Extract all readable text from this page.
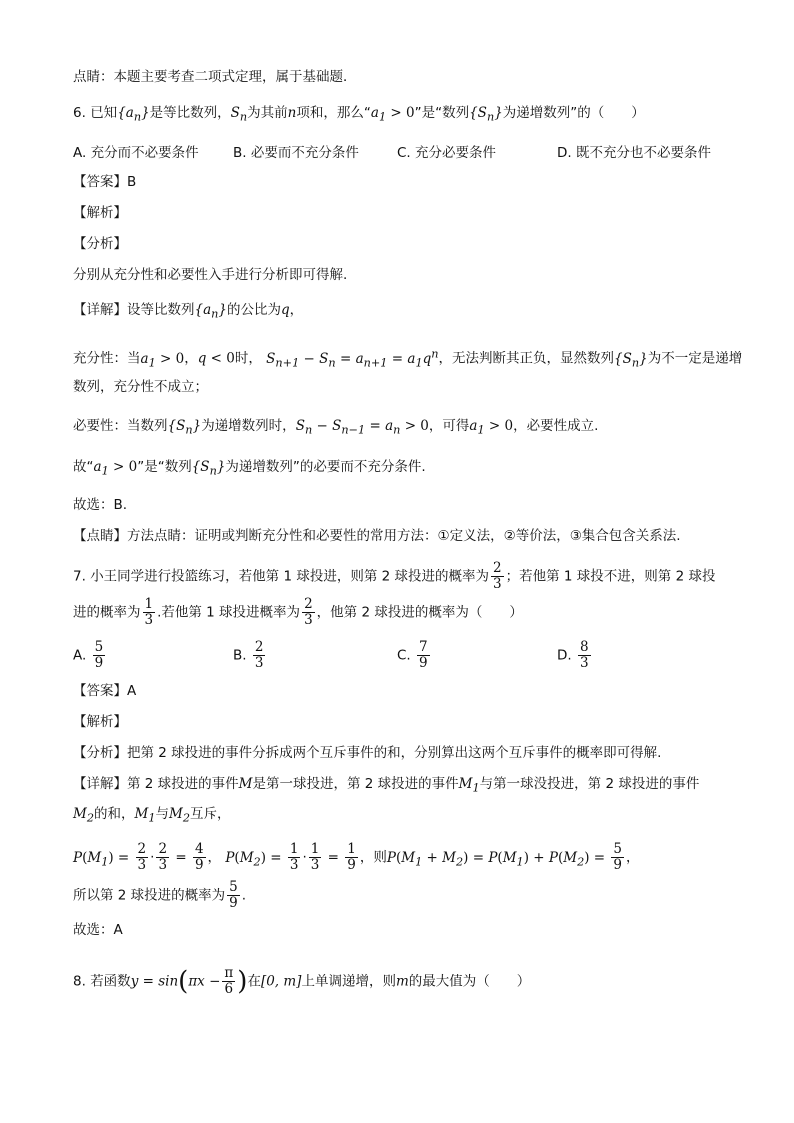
点睛：本题主要考查二项式定理，属于基础题．
6. 已知$\{a_n\}$是等比数列，$S_n$为其前n项和，那么“$a_1 > 0$”是“数列$\{S_n\}$为递增数列”的（　　）
A. 充分而不必要条件	B. 必要而不充分条件	C. 充分必要条件	D. 既不充分也不必要条件
【答案】B
【解析】
【分析】
分别从充分性和必要性入手进行分析即可得解.
【详解】设等比数列$\{a_n\}$的公比为q，
充分性：当$a_1 > 0$，q < 0时， $S_{n+1} - S_n = a_{n+1} = a_1q^n$，无法判断其正负，显然数列$\{S_n\}$为不一定是递增
数列，充分性不成立；
必要性：当数列$\{S_n\}$为递增数列时，$S_n - S_{n-1} = a_n > 0$，可得$a_1 > 0$，必要性成立.
故“$a_1 > 0$”是“数列$\{S_n\}$为递增数列”的必要而不充分条件.
故选：B.
【点睛】方法点睛：证明或判断充分性和必要性的常用方法：①定义法，②等价法，③集合包含关系法.
7. 小王同学进行投篮练习，若他第 1 球投进，则第 2 球投进的概率为 $\frac{2}{3}$ ；若他第 1 球投不进，则第 2 球投
进的概率为 $\frac{1}{3}$ .若他第 1 球投进概率为 $\frac{2}{3}$ ，他第 2 球投进的概率为（　　）
A. $\frac{5}{9}$	B. $\frac{2}{3}$	C. $\frac{7}{9}$	D. $\frac{8}{3}$
【答案】A
【解析】
【分析】把第 2 球投进的事件分拆成两个互斥事件的和，分别算出这两个互斥事件的概率即可得解.
【详解】第 2 球投进的事件M是第一球投进，第 2 球投进的事件$M_1$与第一球没投进，第 2 球投进的事件
$M_2$的和，$M_1$与$M_2$互斥，
$P(M_1) = \frac{2}{3} \cdot \frac{2}{3} = \frac{4}{9}$ ， $P(M_2) = \frac{1}{3} \cdot \frac{1}{3} = \frac{1}{9}$ ，则$P(M_1 + M_2) = P(M_1) + P(M_2) = \frac{5}{9}$ ，
所以第 2 球投进的概率为 $\frac{5}{9}$ .
故选：A
8. 若函数$y = \sin(\pi x - \frac{\pi}{6}$ )在[0, m]上单调递增，则m的最大值为（　　）
